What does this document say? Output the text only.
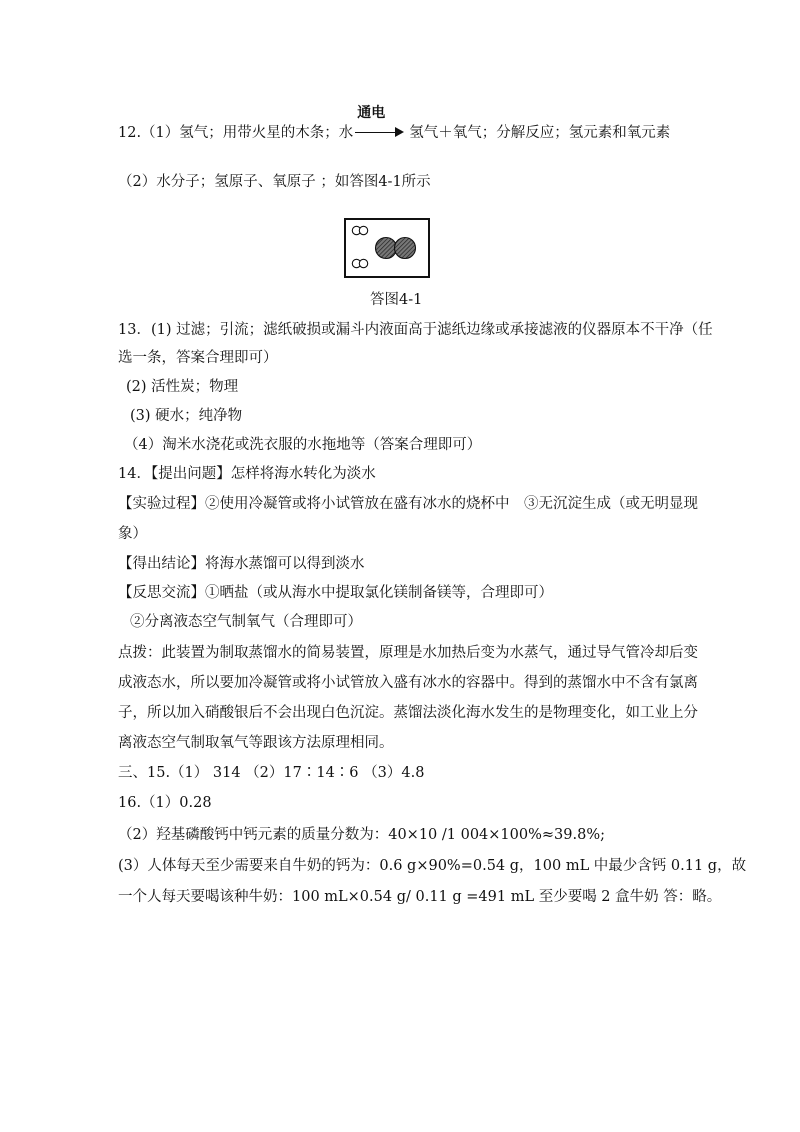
12.（1）氢气；用带火星的木条；水
通电
氢气＋氧气；分解反应；氢元素和氧元素
（2）水分子；氢原子、氧原子 ；如答图4-1所示
答图4-1
13．(1) 过滤；引流；滤纸破损或漏斗内液面高于滤纸边缘或承接滤液的仪器原本不干净（任
选一条，答案合理即可）
(2) 活性炭；物理
(3) 硬水；纯净物
（4）淘米水浇花或洗衣服的水拖地等（答案合理即可）
14．【提出问题】怎样将海水转化为淡水
【实验过程】②使用冷凝管或将小试管放在盛有冰水的烧杯中　③无沉淀生成（或无明显现
象）
【得出结论】将海水蒸馏可以得到淡水
【反思交流】①晒盐（或从海水中提取氯化镁制备镁等，合理即可）
②分离液态空气制氧气（合理即可）
点拨：此装置为制取蒸馏水的简易装置，原理是水加热后变为水蒸气，通过导气管冷却后变
成液态水，所以要加冷凝管或将小试管放入盛有冰水的容器中。得到的蒸馏水中不含有氯离
子，所以加入硝酸银后不会出现白色沉淀。蒸馏法淡化海水发生的是物理变化，如工业上分
离液态空气制取氧气等跟该方法原理相同。
三、15.（1） 314 （2）17∶14∶6 （3）4.8
16.（1）0.28
（2）羟基磷酸钙中钙元素的质量分数为：40×10 /1 004×100%≈39.8%;
(3）人体每天至少需要来自牛奶的钙为：0.6 g×90%=0.54 g，100 mL 中最少含钙 0.11 g，故
一个人每天要喝该种牛奶：100 mL×0.54 g/ 0.11 g =491 mL 至少要喝 2 盒牛奶 答：略。
